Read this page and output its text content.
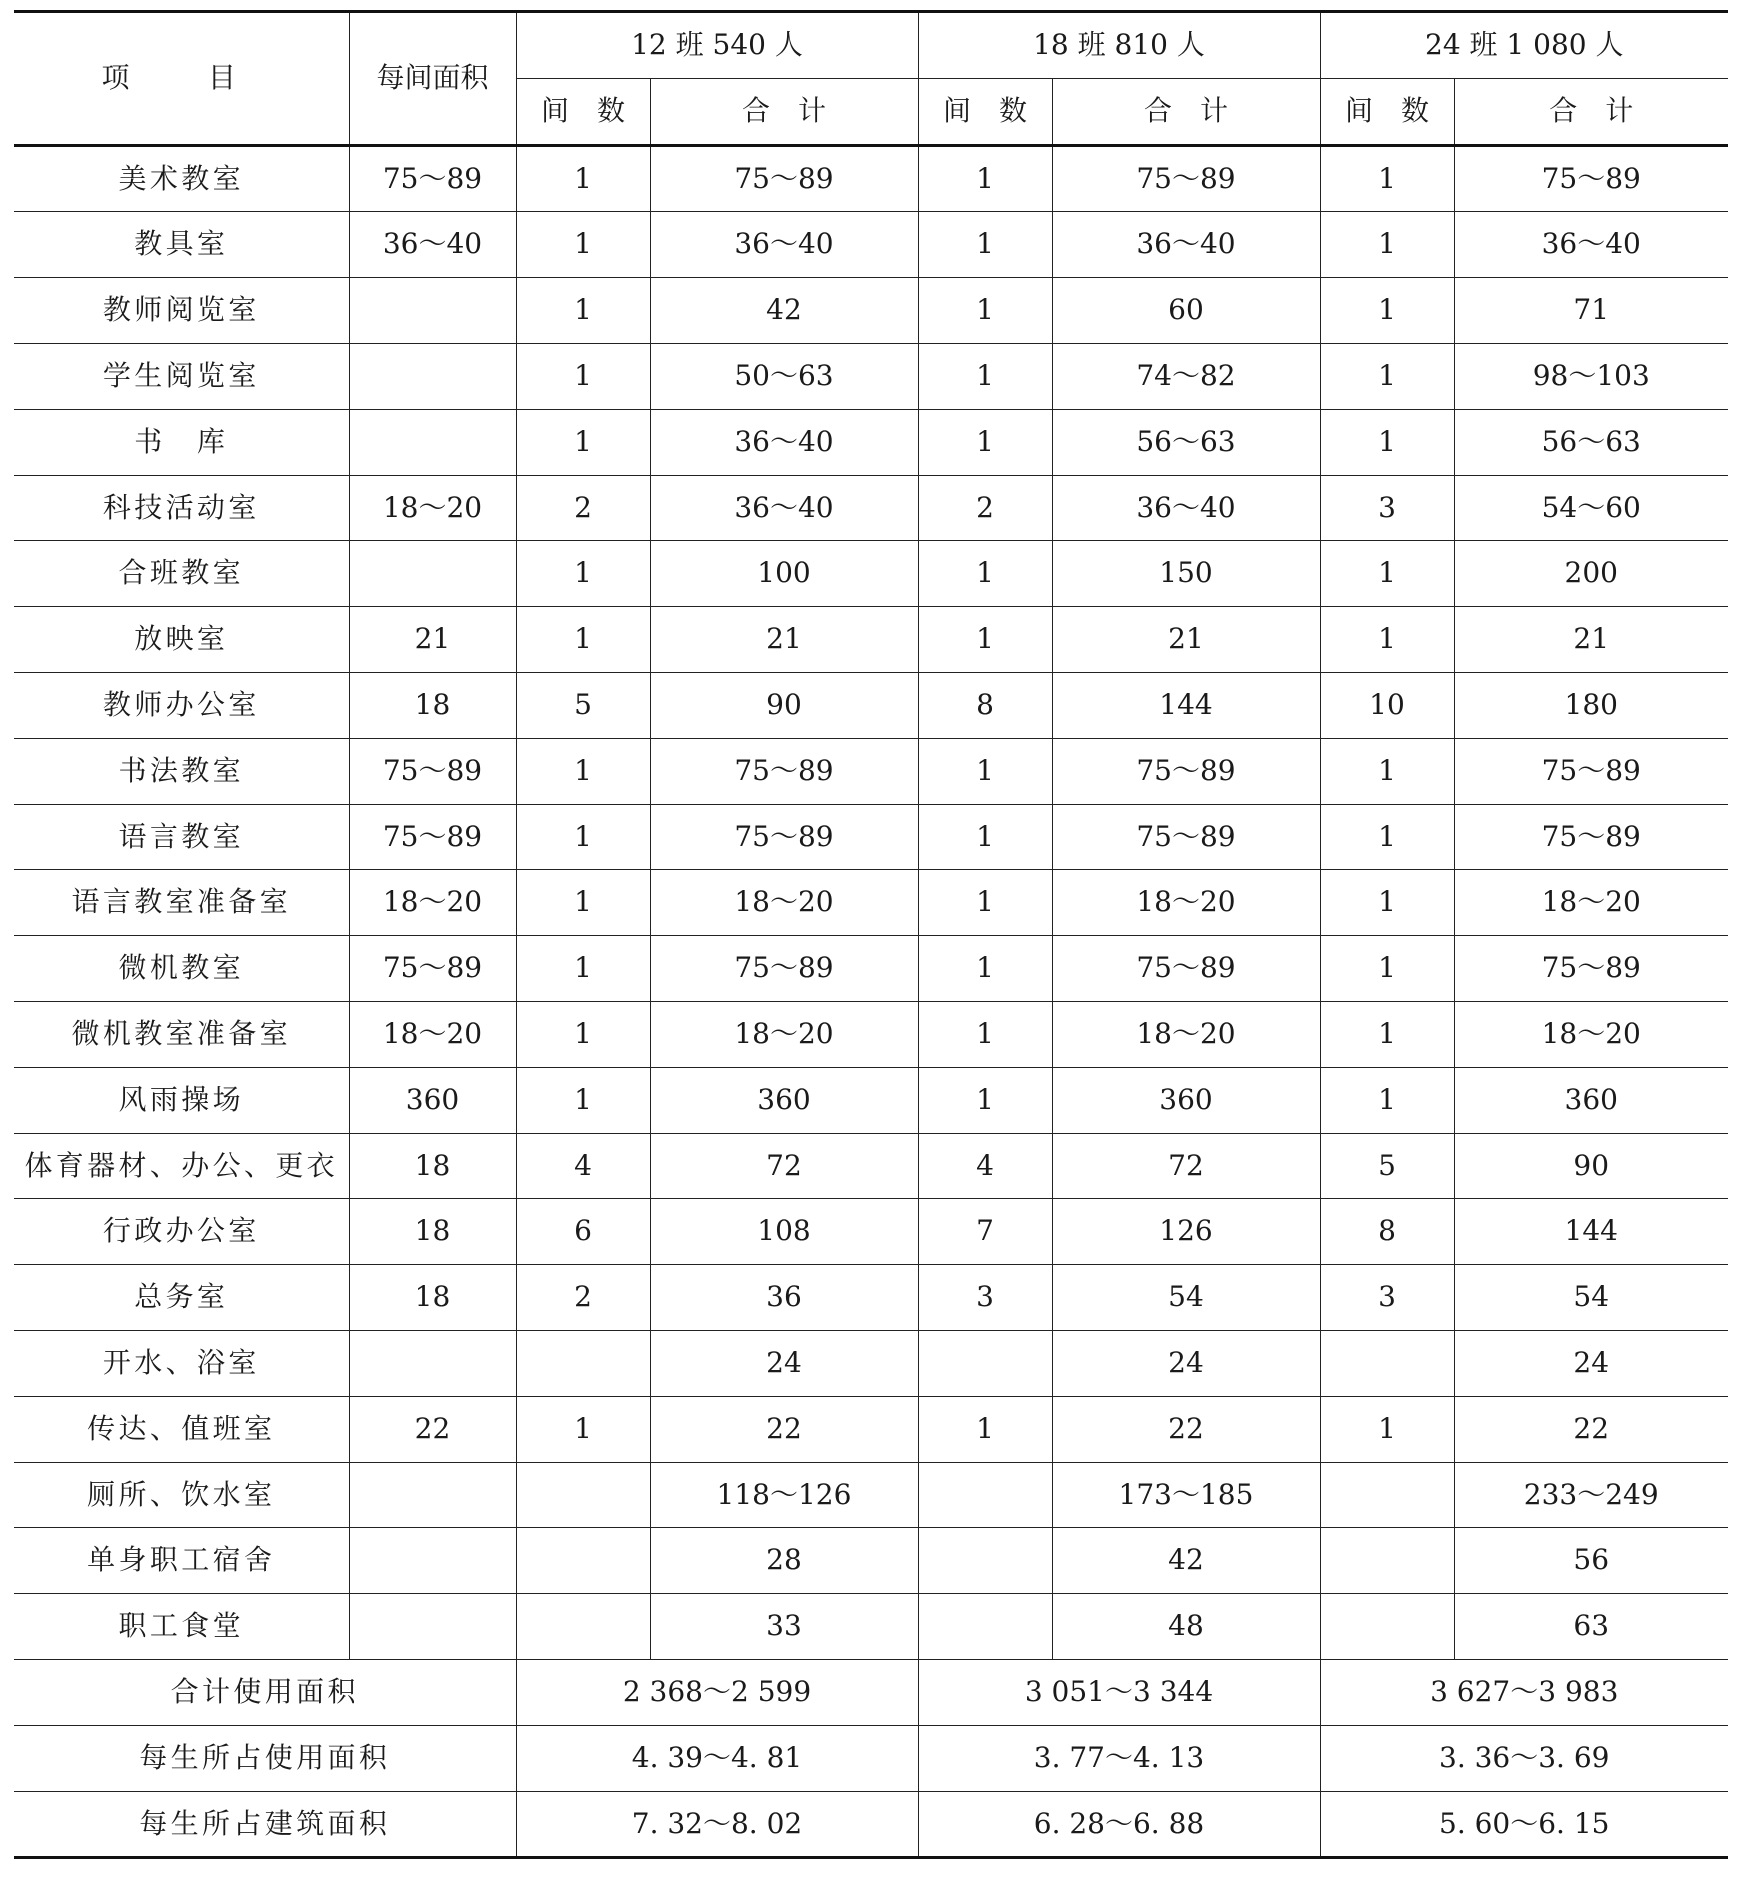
项　目	每间面积	12 班 540 人		18 班 810 人		24 班 1 080 人	
		间　数	合　计	间　数	合　计	间　数	合　计
美术教室	75～89	1	75～89	1	75～89	1	75～89
教具室	36～40	1	36～40	1	36～40	1	36～40
教师阅览室		1	42	1	60	1	71
学生阅览室		1	50～63	1	74～82	1	98～103
书　库		1	36～40	1	56～63	1	56～63
科技活动室	18～20	2	36～40	2	36～40	3	54～60
合班教室		1	100	1	150	1	200
放映室	21	1	21	1	21	1	21
教师办公室	18	5	90	8	144	10	180
书法教室	75～89	1	75～89	1	75～89	1	75～89
语言教室	75～89	1	75～89	1	75～89	1	75～89
语言教室准备室	18～20	1	18～20	1	18～20	1	18～20
微机教室	75～89	1	75～89	1	75～89	1	75～89
微机教室准备室	18～20	1	18～20	1	18～20	1	18～20
风雨操场	360	1	360	1	360	1	360
体育器材、办公、更衣	18	4	72	4	72	5	90
行政办公室	18	6	108	7	126	8	144
总务室	18	2	36	3	54	3	54
开水、浴室			24		24		24
传达、值班室	22	1	22	1	22	1	22
厕所、饮水室			118～126		173～185		233～249
单身职工宿舍			28		42		56
职工食堂			33		48		63
合计使用面积		2 368～2 599		3 051～3 344		3 627～3 983	
每生所占使用面积		4. 39～4. 81		3. 77～4. 13		3. 36～3. 69	
每生所占建筑面积		7. 32～8. 02		6. 28～6. 88		5. 60～6. 15	
